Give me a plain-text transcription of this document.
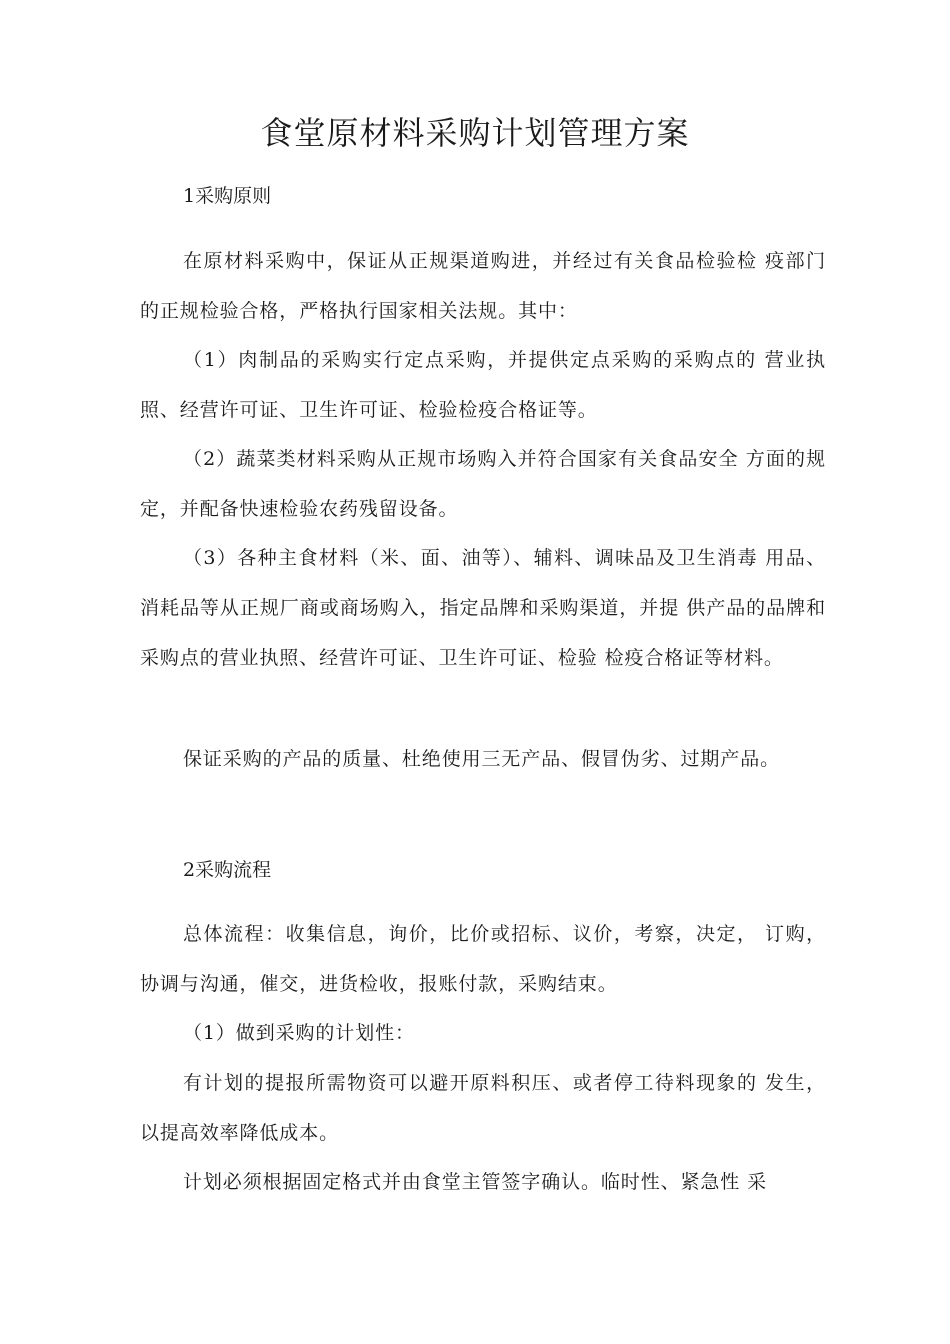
食堂原材料采购计划管理方案
1采购原则

在原材料采购中，保证从正规渠道购进，并经过有关食品检验检 疫部门的正规检验合格，严格执行国家相关法规。其中：

（1）肉制品的采购实行定点采购，并提供定点采购的采购点的 营业执照、经营许可证、卫生许可证、检验检疫合格证等。

（2）蔬菜类材料采购从正规市场购入并符合国家有关食品安全 方面的规定，并配备快速检验农药残留设备。

（3）各种主食材料（米、面、油等）、辅料、调味品及卫生消毒 用品、消耗品等从正规厂商或商场购入，指定品牌和采购渠道，并提 供产品的品牌和采购点的营业执照、经营许可证、卫生许可证、检验 检疫合格证等材料。

保证采购的产品的质量、杜绝使用三无产品、假冒伪劣、过期产品。

2采购流程

总体流程：收集信息，询价，比价或招标、议价，考察，决定， 订购，协调与沟通，催交，进货检收，报账付款，采购结束。

（1）做到采购的计划性：

有计划的提报所需物资可以避开原料积压、或者停工待料现象的 发生，以提高效率降低成本。

计划必须根据固定格式并由食堂主管签字确认。临时性、紧急性 采
